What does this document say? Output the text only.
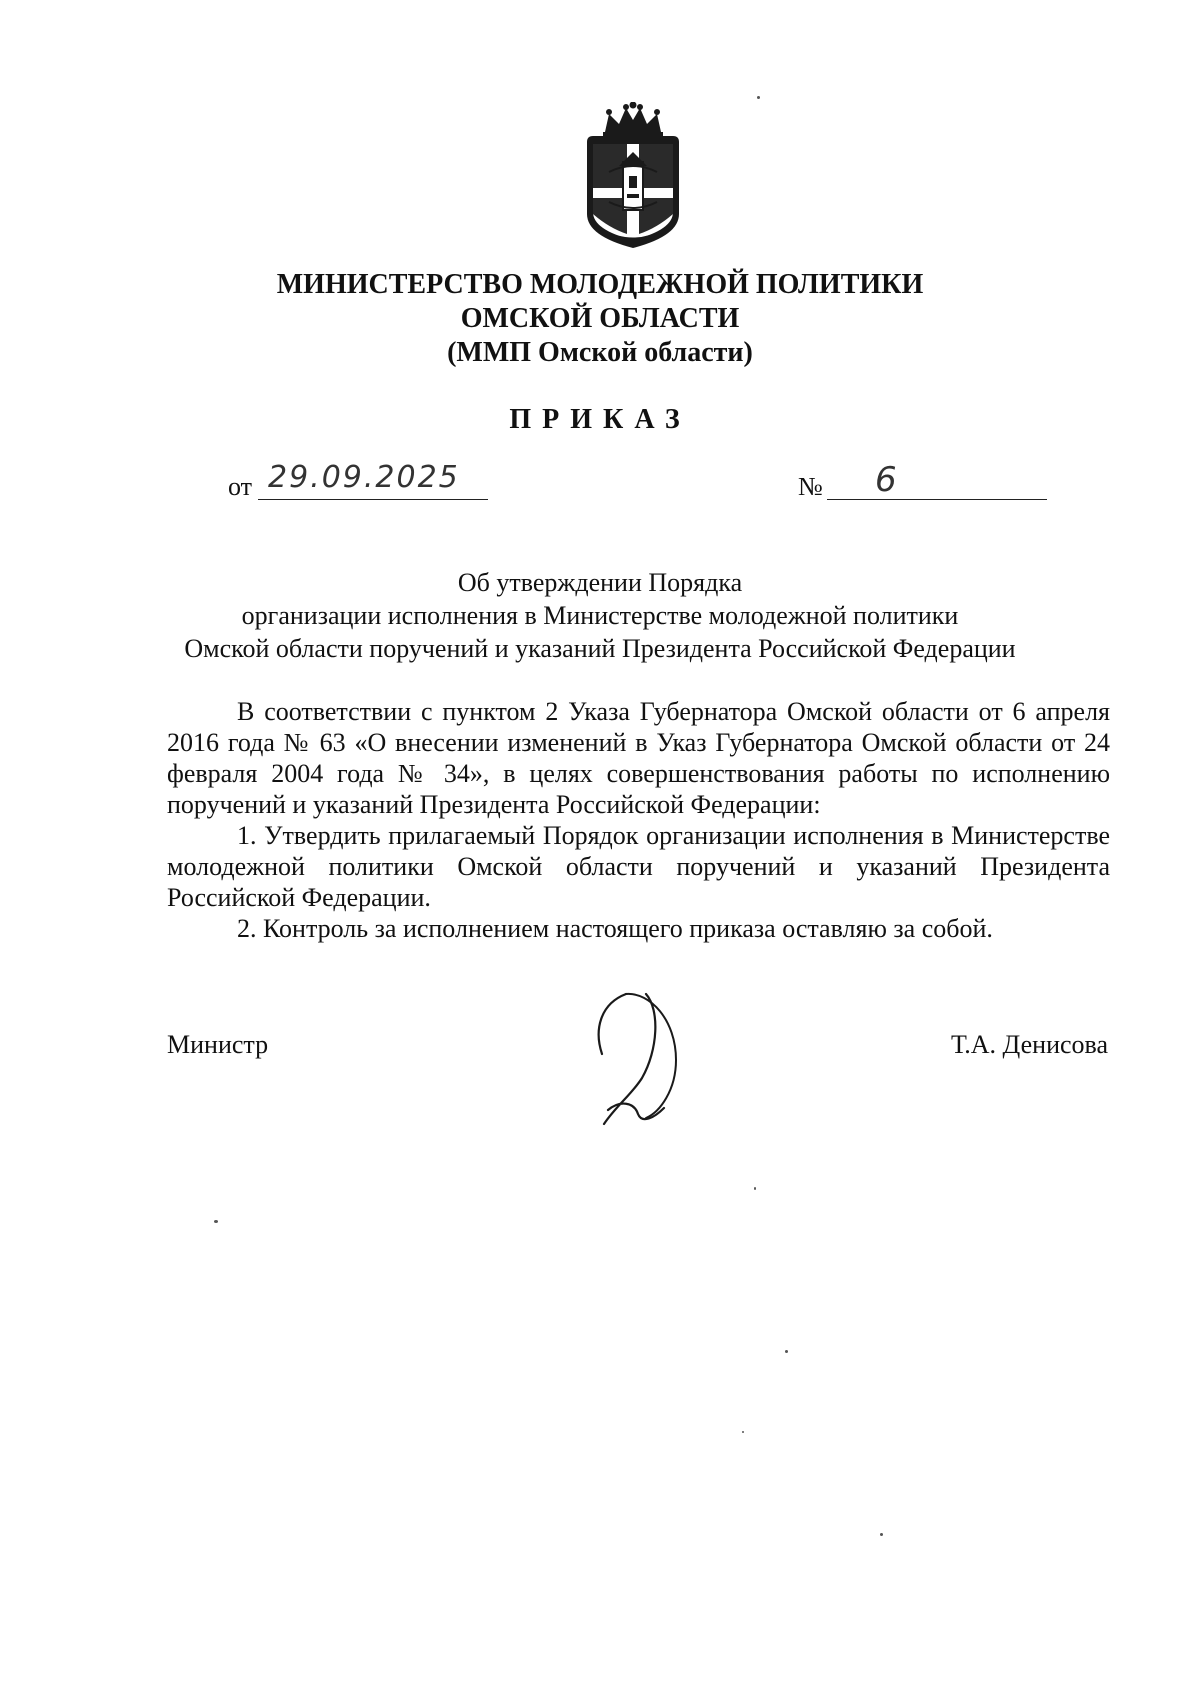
МИНИСТЕРСТВО МОЛОДЕЖНОЙ ПОЛИТИКИ
ОМСКОЙ ОБЛАСТИ
(ММП Омской области)
ПРИКАЗ
от 29.09.2025	№	6
Об утверждении Порядка
организации исполнения в Министерстве молодежной политики
Омской области поручений и указаний Президента Российской Федерации

В соответствии с пунктом 2 Указа Губернатора Омской области от 6 апреля 2016 года № 63 «О внесении изменений в Указ Губернатора Омской области от 24 февраля 2004 года № 34», в целях совершенствования работы по исполнению поручений и указаний Президента Российской Федерации:

1. Утвердить прилагаемый Порядок организации исполнения в Министерстве молодежной политики Омской области поручений и указаний Президента Российской Федерации.

2. Контроль за исполнением настоящего приказа оставляю за собой.

Министр	Т.А. Денисова
